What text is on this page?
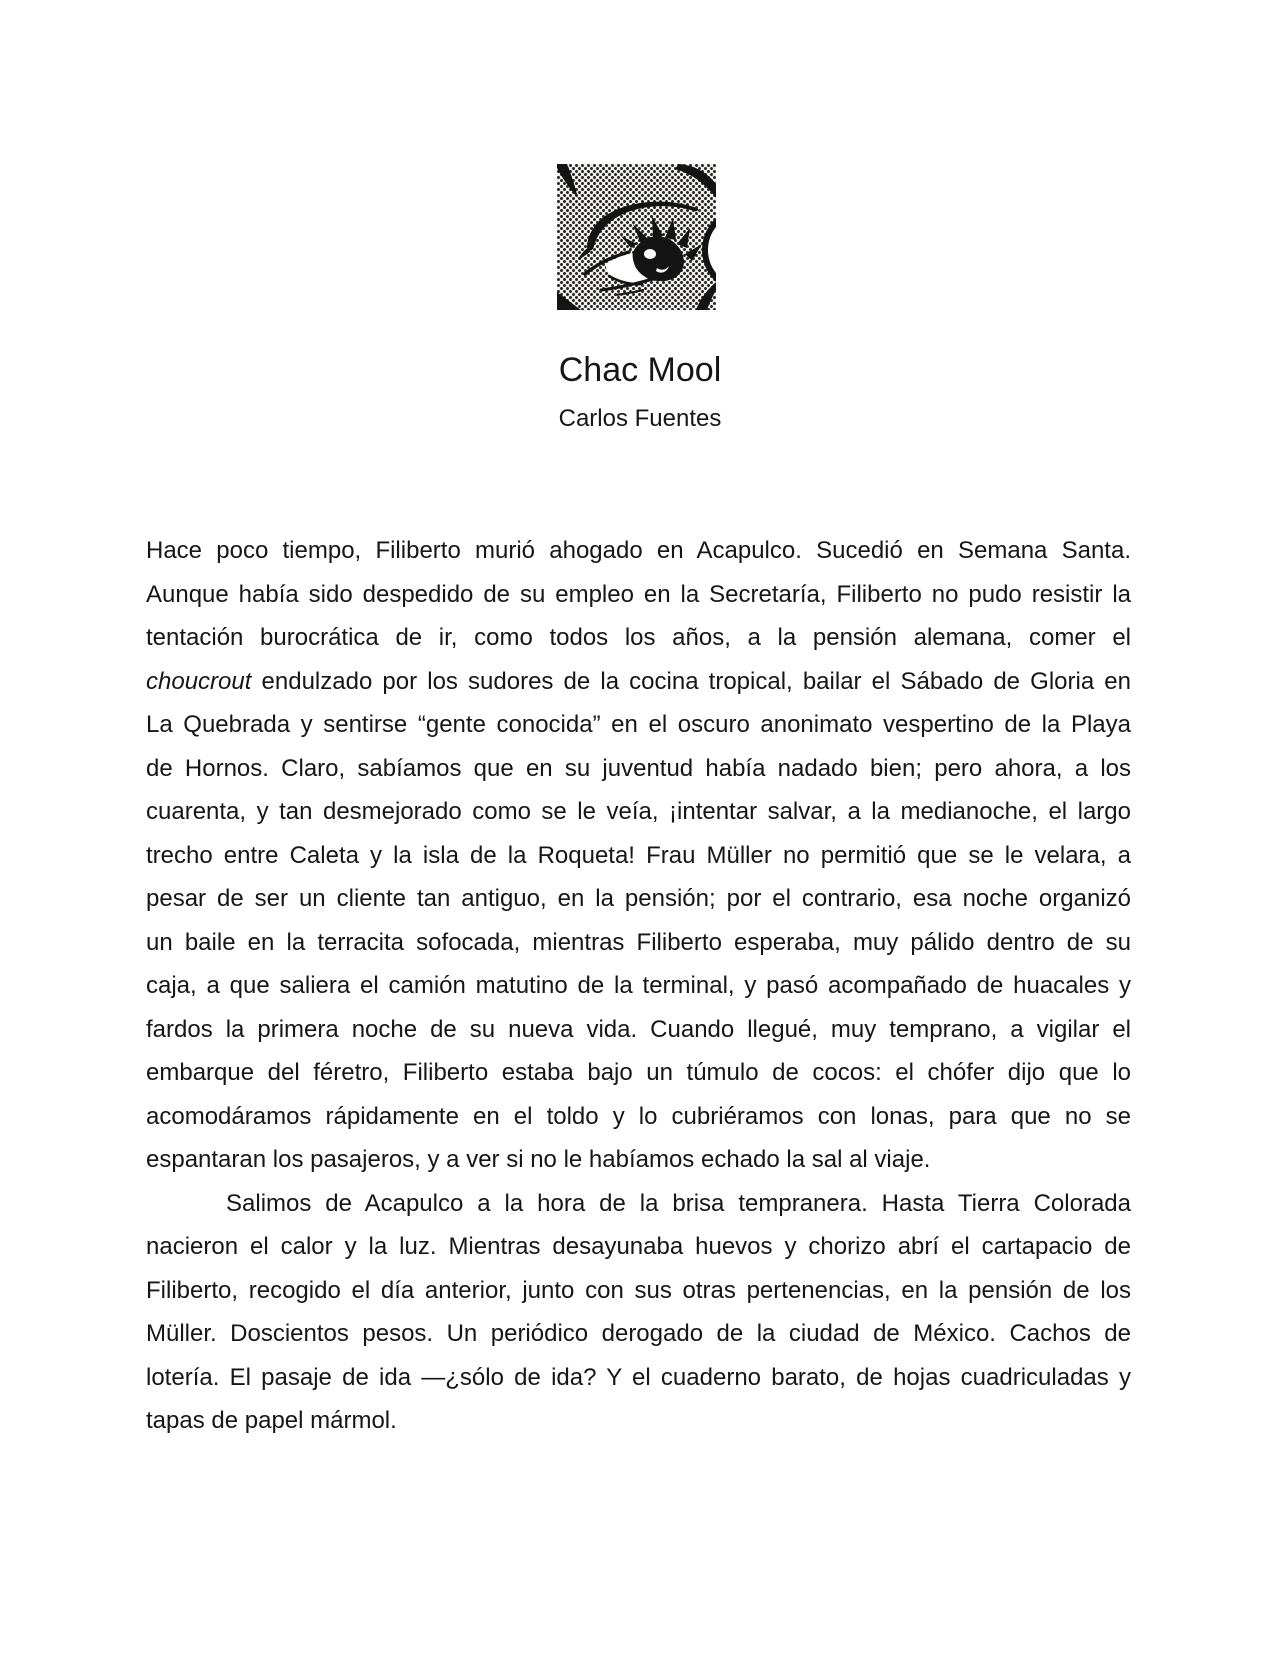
Chac Mool
Carlos Fuentes
Hace poco tiempo, Filiberto murió ahogado en Acapulco. Sucedió en Semana Santa.
Aunque había sido despedido de su empleo en la Secretaría, Filiberto no pudo resistir la
tentación burocrática de ir, como todos los años, a la pensión alemana, comer el
choucrout endulzado por los sudores de la cocina tropical, bailar el Sábado de Gloria en
La Quebrada y sentirse “gente conocida” en el oscuro anonimato vespertino de la Playa
de Hornos. Claro, sabíamos que en su juventud había nadado bien; pero ahora, a los
cuarenta, y tan desmejorado como se le veía, ¡intentar salvar, a la medianoche, el largo
trecho entre Caleta y la isla de la Roqueta! Frau Müller no permitió que se le velara, a
pesar de ser un cliente tan antiguo, en la pensión; por el contrario, esa noche organizó
un baile en la terracita sofocada, mientras Filiberto esperaba, muy pálido dentro de su
caja, a que saliera el camión matutino de la terminal, y pasó acompañado de huacales y
fardos la primera noche de su nueva vida. Cuando llegué, muy temprano, a vigilar el
embarque del féretro, Filiberto estaba bajo un túmulo de cocos: el chófer dijo que lo
acomodáramos rápidamente en el toldo y lo cubriéramos con lonas, para que no se
espantaran los pasajeros, y a ver si no le habíamos echado la sal al viaje.
Salimos de Acapulco a la hora de la brisa tempranera. Hasta Tierra Colorada
nacieron el calor y la luz. Mientras desayunaba huevos y chorizo abrí el cartapacio de
Filiberto, recogido el día anterior, junto con sus otras pertenencias, en la pensión de los
Müller. Doscientos pesos. Un periódico derogado de la ciudad de México. Cachos de
lotería. El pasaje de ida —¿sólo de ida? Y el cuaderno barato, de hojas cuadriculadas y
tapas de papel mármol.
